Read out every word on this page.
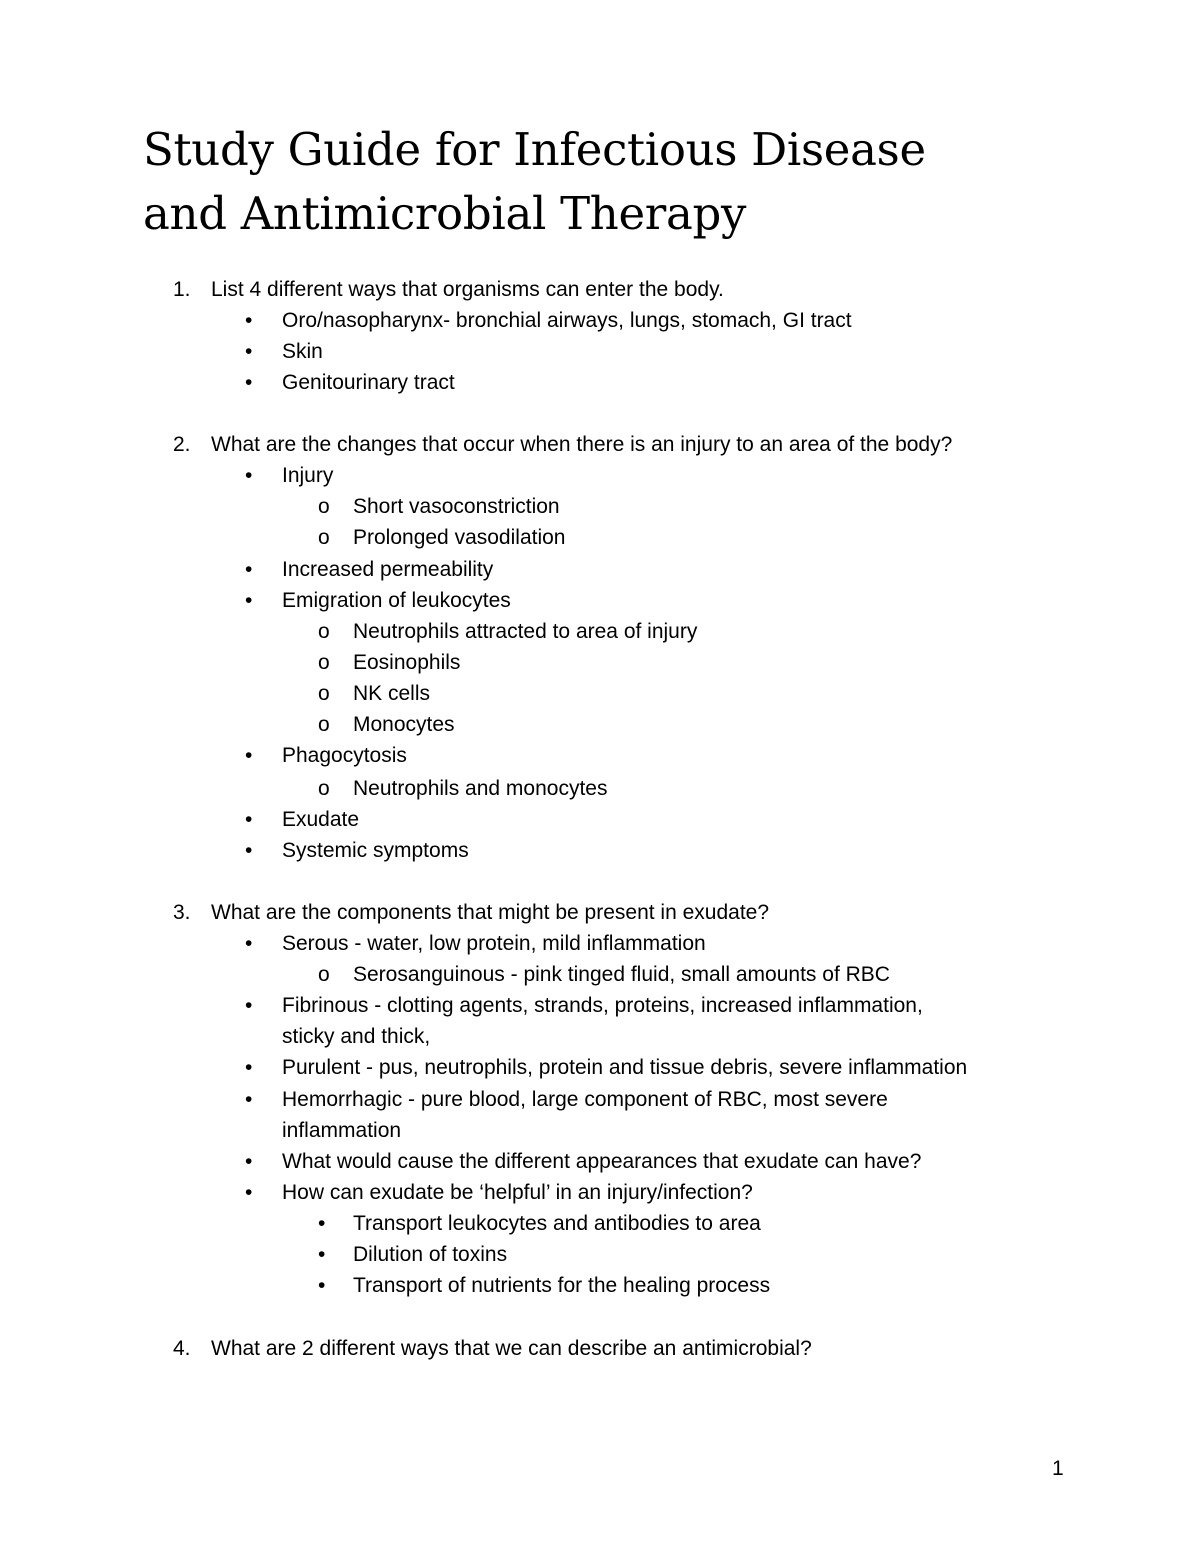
Study Guide for Infectious Disease
and Antimicrobial Therapy
1. List 4 different ways that organisms can enter the body.
• Oro/nasopharynx- bronchial airways, lungs, stomach, GI tract
• Skin
• Genitourinary tract
2. What are the changes that occur when there is an injury to an area of the body?
• Injury
o Short vasoconstriction
o Prolonged vasodilation
• Increased permeability
• Emigration of leukocytes
o Neutrophils attracted to area of injury
o Eosinophils
o NK cells
o Monocytes
• Phagocytosis
o Neutrophils and monocytes
• Exudate
• Systemic symptoms
3. What are the components that might be present in exudate?
• Serous - water, low protein, mild inflammation
o Serosanguinous - pink tinged fluid, small amounts of RBC
• Fibrinous - clotting agents, strands, proteins, increased inflammation,
sticky and thick,
• Purulent - pus, neutrophils, protein and tissue debris, severe inflammation
• Hemorrhagic - pure blood, large component of RBC, most severe
inflammation
• What would cause the different appearances that exudate can have?
• How can exudate be ‘helpful’ in an injury/infection?
• Transport leukocytes and antibodies to area
• Dilution of toxins
• Transport of nutrients for the healing process
4. What are 2 different ways that we can describe an antimicrobial?
1
